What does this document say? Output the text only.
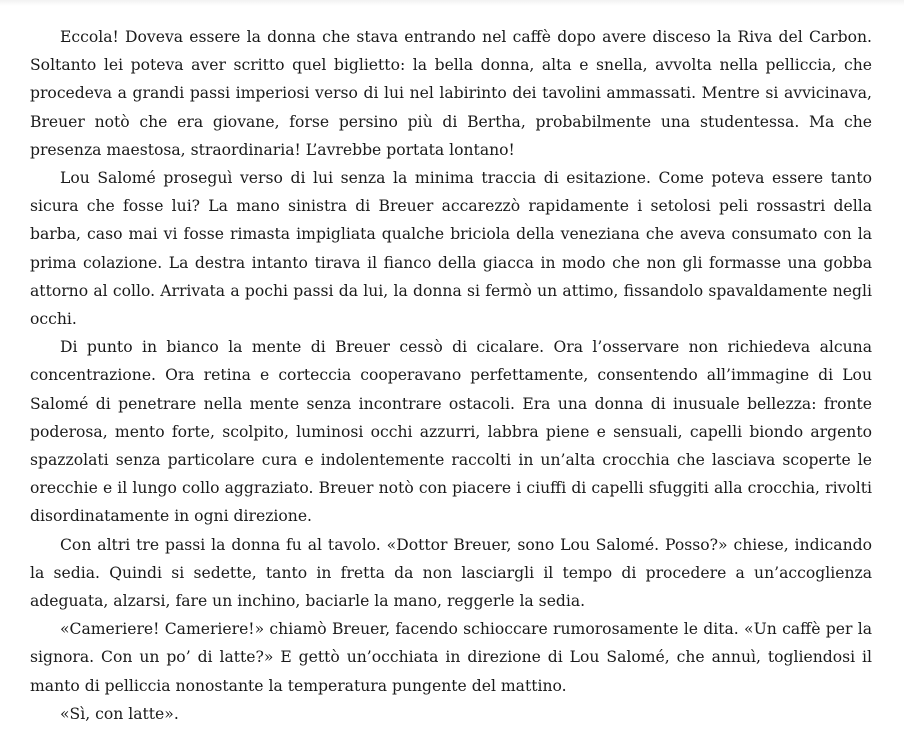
Eccola! Doveva essere la donna che stava entrando nel caffè dopo avere disceso la Riva del Carbon. Soltanto lei poteva aver scritto quel biglietto: la bella donna, alta e snella, avvolta nella pelliccia, che procedeva a grandi passi imperiosi verso di lui nel labirinto dei tavolini ammassati. Mentre si avvicinava, Breuer notò che era giovane, forse persino più di Bertha, probabilmente una studentessa. Ma che presenza maestosa, straordinaria! L’avrebbe portata lontano!

Lou Salomé proseguì verso di lui senza la minima traccia di esitazione. Come poteva essere tanto sicura che fosse lui? La mano sinistra di Breuer accarezzò rapidamente i setolosi peli rossastri della barba, caso mai vi fosse rimasta impigliata qualche briciola della veneziana che aveva consumato con la prima colazione. La destra intanto tirava il fianco della giacca in modo che non gli formasse una gobba attorno al collo. Arrivata a pochi passi da lui, la donna si fermò un attimo, fissandolo spavaldamente negli occhi.

Di punto in bianco la mente di Breuer cessò di cicalare. Ora l’osservare non richiedeva alcuna concentrazione. Ora retina e corteccia cooperavano perfettamente, consentendo all’immagine di Lou Salomé di penetrare nella mente senza incontrare ostacoli. Era una donna di inusuale bellezza: fronte poderosa, mento forte, scolpito, luminosi occhi azzurri, labbra piene e sensuali, capelli biondo argento spazzolati senza particolare cura e indolentemente raccolti in un’alta crocchia che lasciava scoperte le orecchie e il lungo collo aggraziato. Breuer notò con piacere i ciuffi di capelli sfuggiti alla crocchia, rivolti disordinatamente in ogni direzione.

Con altri tre passi la donna fu al tavolo. «Dottor Breuer, sono Lou Salomé. Posso?» chiese, indicando la sedia. Quindi si sedette, tanto in fretta da non lasciargli il tempo di procedere a un’accoglienza adeguata, alzarsi, fare un inchino, baciarle la mano, reggerle la sedia.

«Cameriere! Cameriere!» chiamò Breuer, facendo schioccare rumorosamente le dita. «Un caffè per la signora. Con un po’ di latte?» E gettò un’occhiata in direzione di Lou Salomé, che annuì, togliendosi il manto di pelliccia nonostante la temperatura pungente del mattino.

«Sì, con latte».
